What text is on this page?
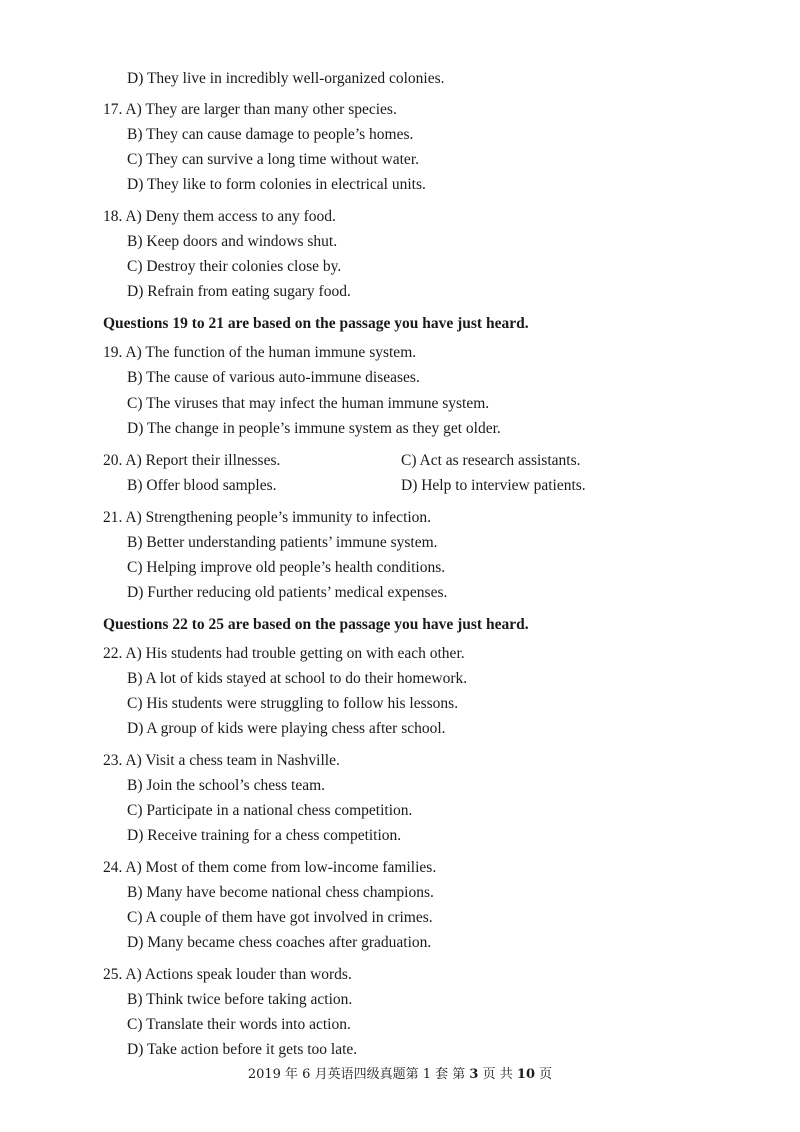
D) They live in incredibly well-organized colonies.
17. A) They are larger than many other species.
B) They can cause damage to people’s homes.
C) They can survive a long time without water.
D) They like to form colonies in electrical units.
18. A) Deny them access to any food.
B) Keep doors and windows shut.
C) Destroy their colonies close by.
D) Refrain from eating sugary food.
Questions 19 to 21 are based on the passage you have just heard.
19. A) The function of the human immune system.
B) The cause of various auto-immune diseases.
C) The viruses that may infect the human immune system.
D) The change in people’s immune system as they get older.
20. A) Report their illnesses.	C) Act as research assistants.
B) Offer blood samples.	D) Help to interview patients.
21. A) Strengthening people’s immunity to infection.
B) Better understanding patients’ immune system.
C) Helping improve old people’s health conditions.
D) Further reducing old patients’ medical expenses.
Questions 22 to 25 are based on the passage you have just heard.
22. A) His students had trouble getting on with each other.
B) A lot of kids stayed at school to do their homework.
C) His students were struggling to follow his lessons.
D) A group of kids were playing chess after school.
23. A) Visit a chess team in Nashville.
B) Join the school’s chess team.
C) Participate in a national chess competition.
D) Receive training for a chess competition.
24. A) Most of them come from low-income families.
B) Many have become national chess champions.
C) A couple of them have got involved in crimes.
D) Many became chess coaches after graduation.
25. A) Actions speak louder than words.
B) Think twice before taking action.
C) Translate their words into action.
D) Take action before it gets too late.
2019 年 6 月英语四级真题第 1 套 第 3 页 共 10 页
